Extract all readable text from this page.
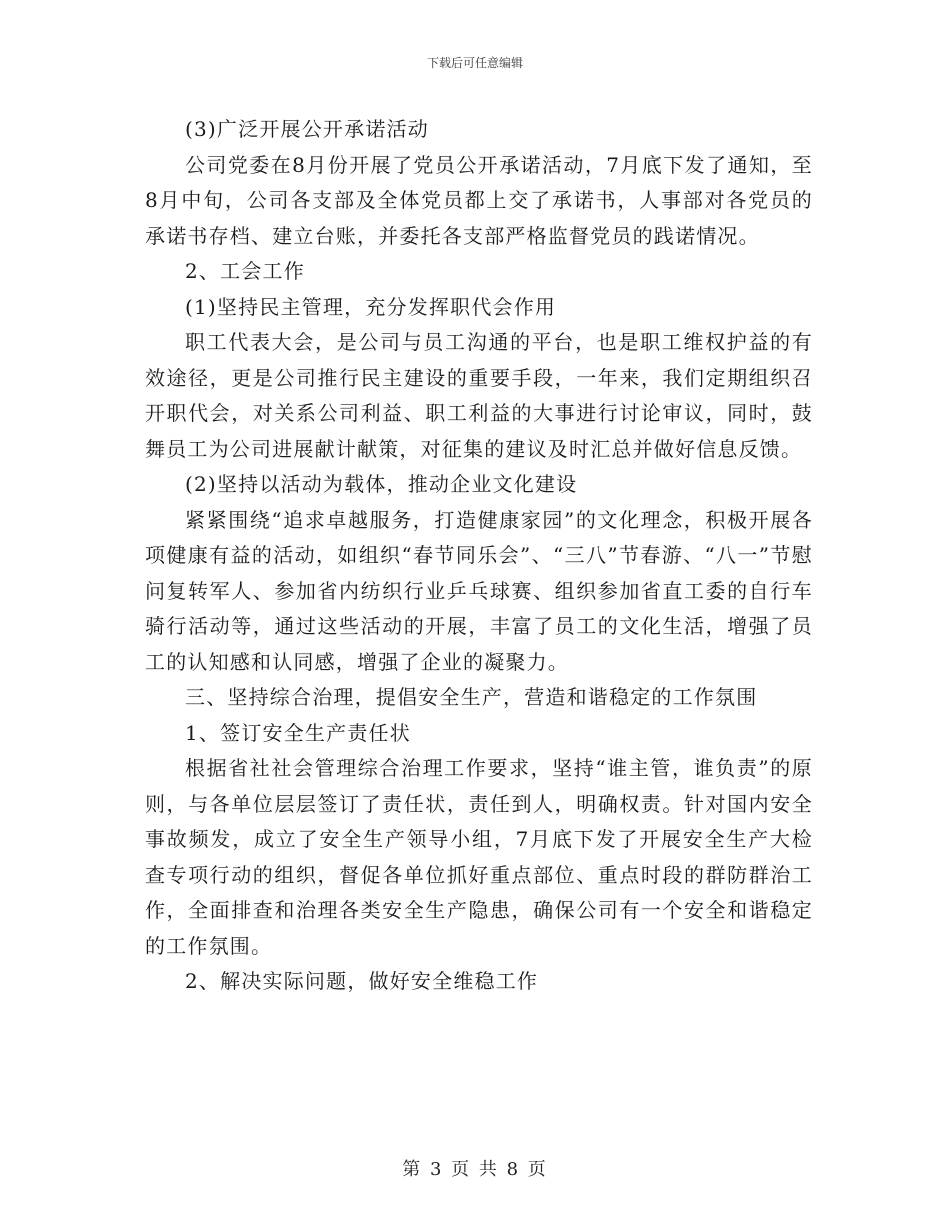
下载后可任意编辑

(3)广泛开展公开承诺活动

公司党委在8月份开展了党员公开承诺活动，7月底下发了通知，至8月中旬，公司各支部及全体党员都上交了承诺书，人事部对各党员的承诺书存档、建立台账，并委托各支部严格监督党员的践诺情况。

2、工会工作

(1)坚持民主管理，充分发挥职代会作用

职工代表大会，是公司与员工沟通的平台，也是职工维权护益的有效途径，更是公司推行民主建设的重要手段，一年来，我们定期组织召开职代会，对关系公司利益、职工利益的大事进行讨论审议，同时，鼓舞员工为公司进展献计献策，对征集的建议及时汇总并做好信息反馈。

(2)坚持以活动为载体，推动企业文化建设

紧紧围绕“追求卓越服务，打造健康家园”的文化理念，积极开展各项健康有益的活动，如组织“春节同乐会”、“三八”节春游、“八一”节慰问复转军人、参加省内纺织行业乒乓球赛、组织参加省直工委的自行车骑行活动等，通过这些活动的开展，丰富了员工的文化生活，增强了员工的认知感和认同感，增强了企业的凝聚力。

三、坚持综合治理，提倡安全生产，营造和谐稳定的工作氛围

1、签订安全生产责任状

根据省社社会管理综合治理工作要求，坚持“谁主管，谁负责”的原则，与各单位层层签订了责任状，责任到人，明确权责。针对国内安全事故频发，成立了安全生产领导小组，7月底下发了开展安全生产大检查专项行动的组织，督促各单位抓好重点部位、重点时段的群防群治工作，全面排查和治理各类安全生产隐患，确保公司有一个安全和谐稳定的工作氛围。

2、解决实际问题，做好安全维稳工作

第 3 页 共 8 页
